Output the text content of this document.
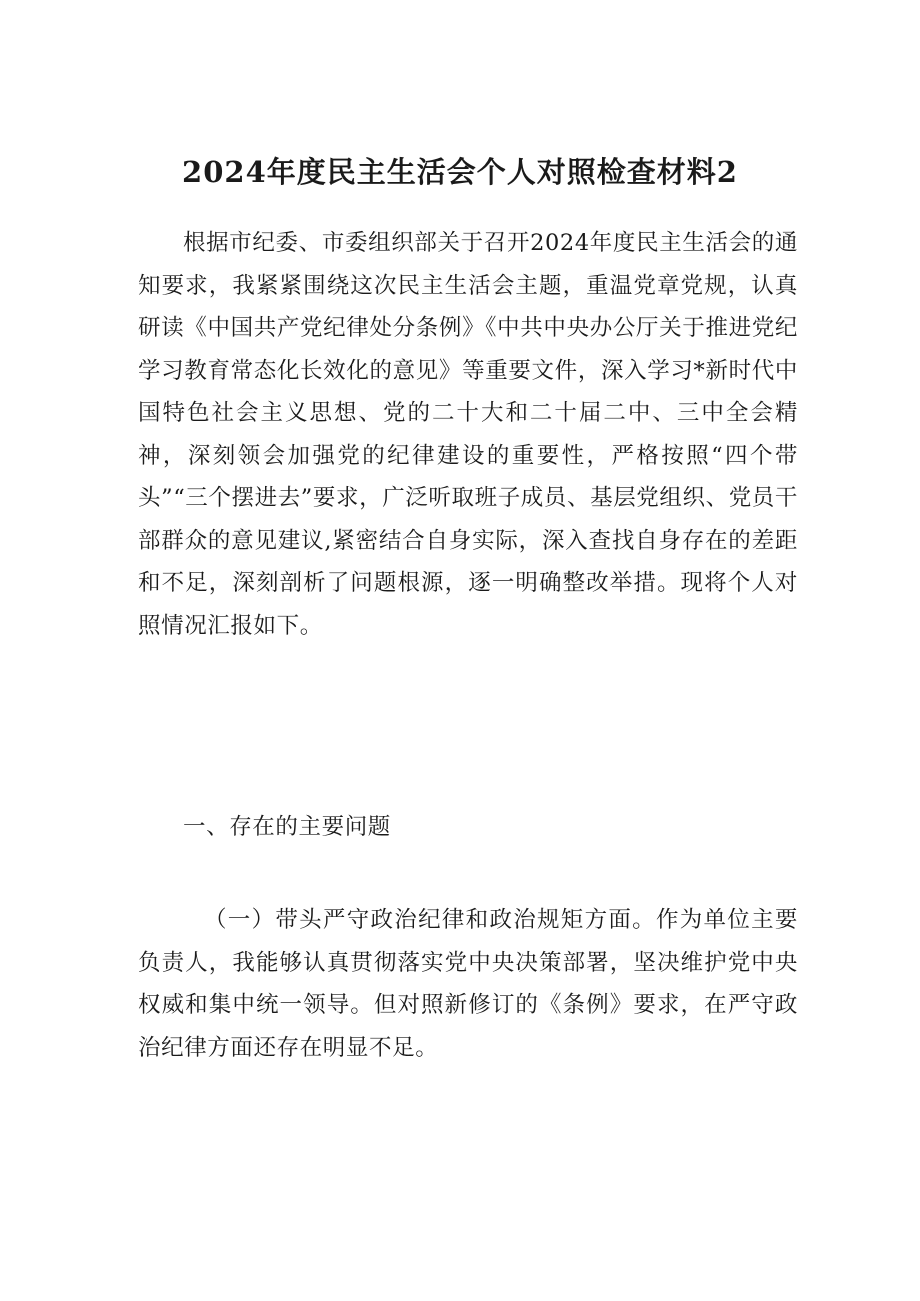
2024年度民主生活会个人对照检查材料2

根据市纪委、市委组织部关于召开2024年度民主生活会的通知要求，我紧紧围绕这次民主生活会主题，重温党章党规，认真研读《中国共产党纪律处分条例》《中共中央办公厅关于推进党纪学习教育常态化长效化的意见》等重要文件，深入学习*新时代中国特色社会主义思想、党的二十大和二十届二中、三中全会精神，深刻领会加强党的纪律建设的重要性，严格按照“四个带头”“三个摆进去”要求，广泛听取班子成员、基层党组织、党员干部群众的意见建议,紧密结合自身实际，深入查找自身存在的差距和不足，深刻剖析了问题根源，逐一明确整改举措。现将个人对照情况汇报如下。

一、存在的主要问题

（一）带头严守政治纪律和政治规矩方面。作为单位主要负责人，我能够认真贯彻落实党中央决策部署，坚决维护党中央权威和集中统一领导。但对照新修订的《条例》要求，在严守政治纪律方面还存在明显不足。
